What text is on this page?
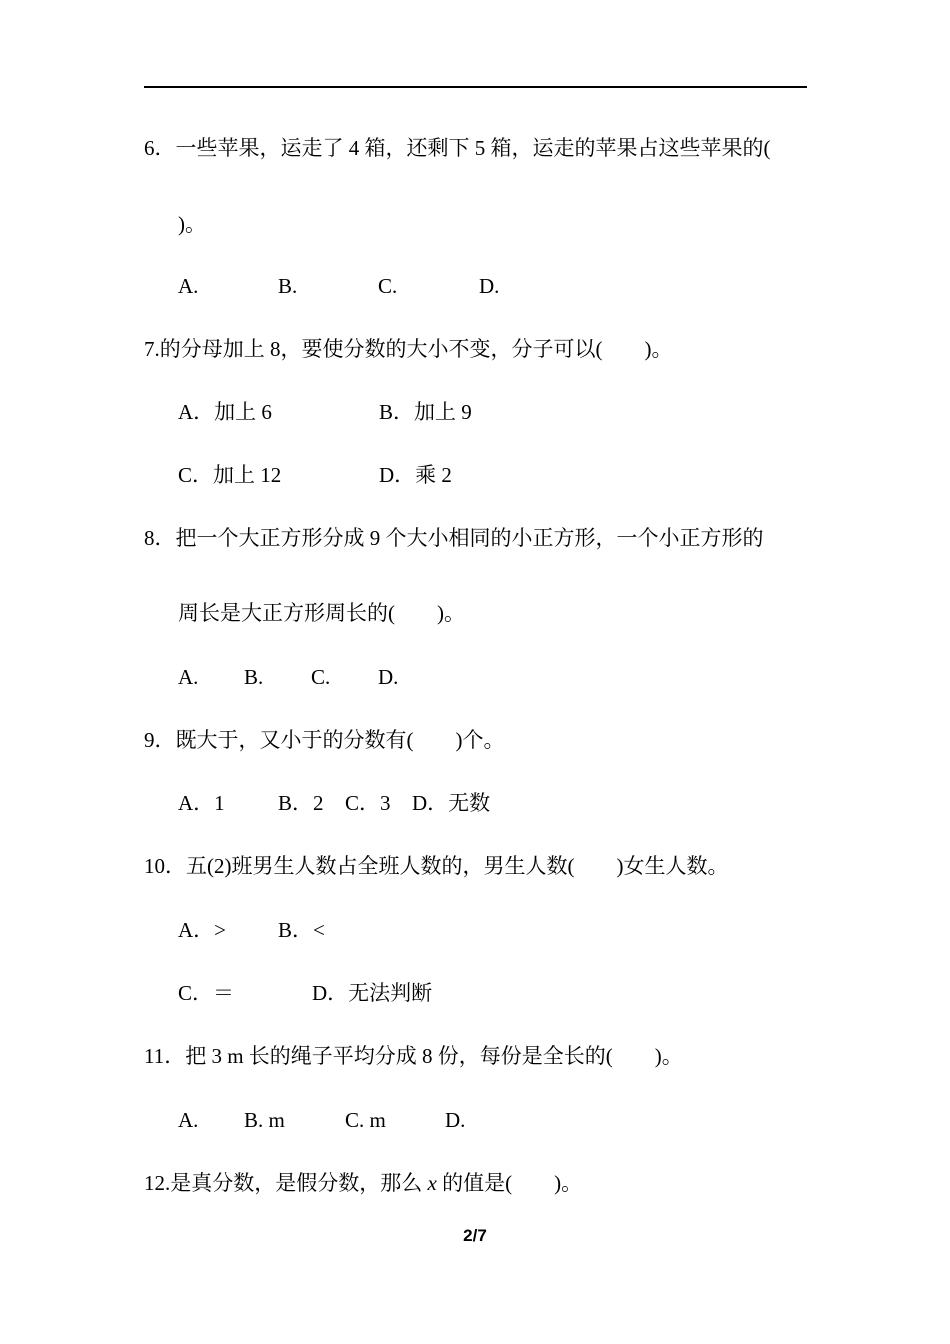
6．一些苹果，运走了 4 箱，还剩下 5 箱，运走的苹果占这些苹果的(
)。
A.	B.	C.	D.
7.的分母加上 8，要使分数的大小不变，分子可以(        )。
A．加上 6	B．加上 9
C．加上 12	D．乘 2
8．把一个大正方形分成 9 个大小相同的小正方形，一个小正方形的
周长是大正方形周长的(        )。
A. B. C. D.
9．既大于，又小于的分数有(        )个。
A．1	B．2 C．3 D．无数
10．五(2)班男生人数占全班人数的，男生人数(        )女生人数。
A．> B．<
C．＝	D．无法判断
11．把 3 m 长的绳子平均分成 8 份，每份是全长的(        )。
A. B. m	C. m	D.
12.是真分数，是假分数，那么 x 的值是(        )。
2/7
